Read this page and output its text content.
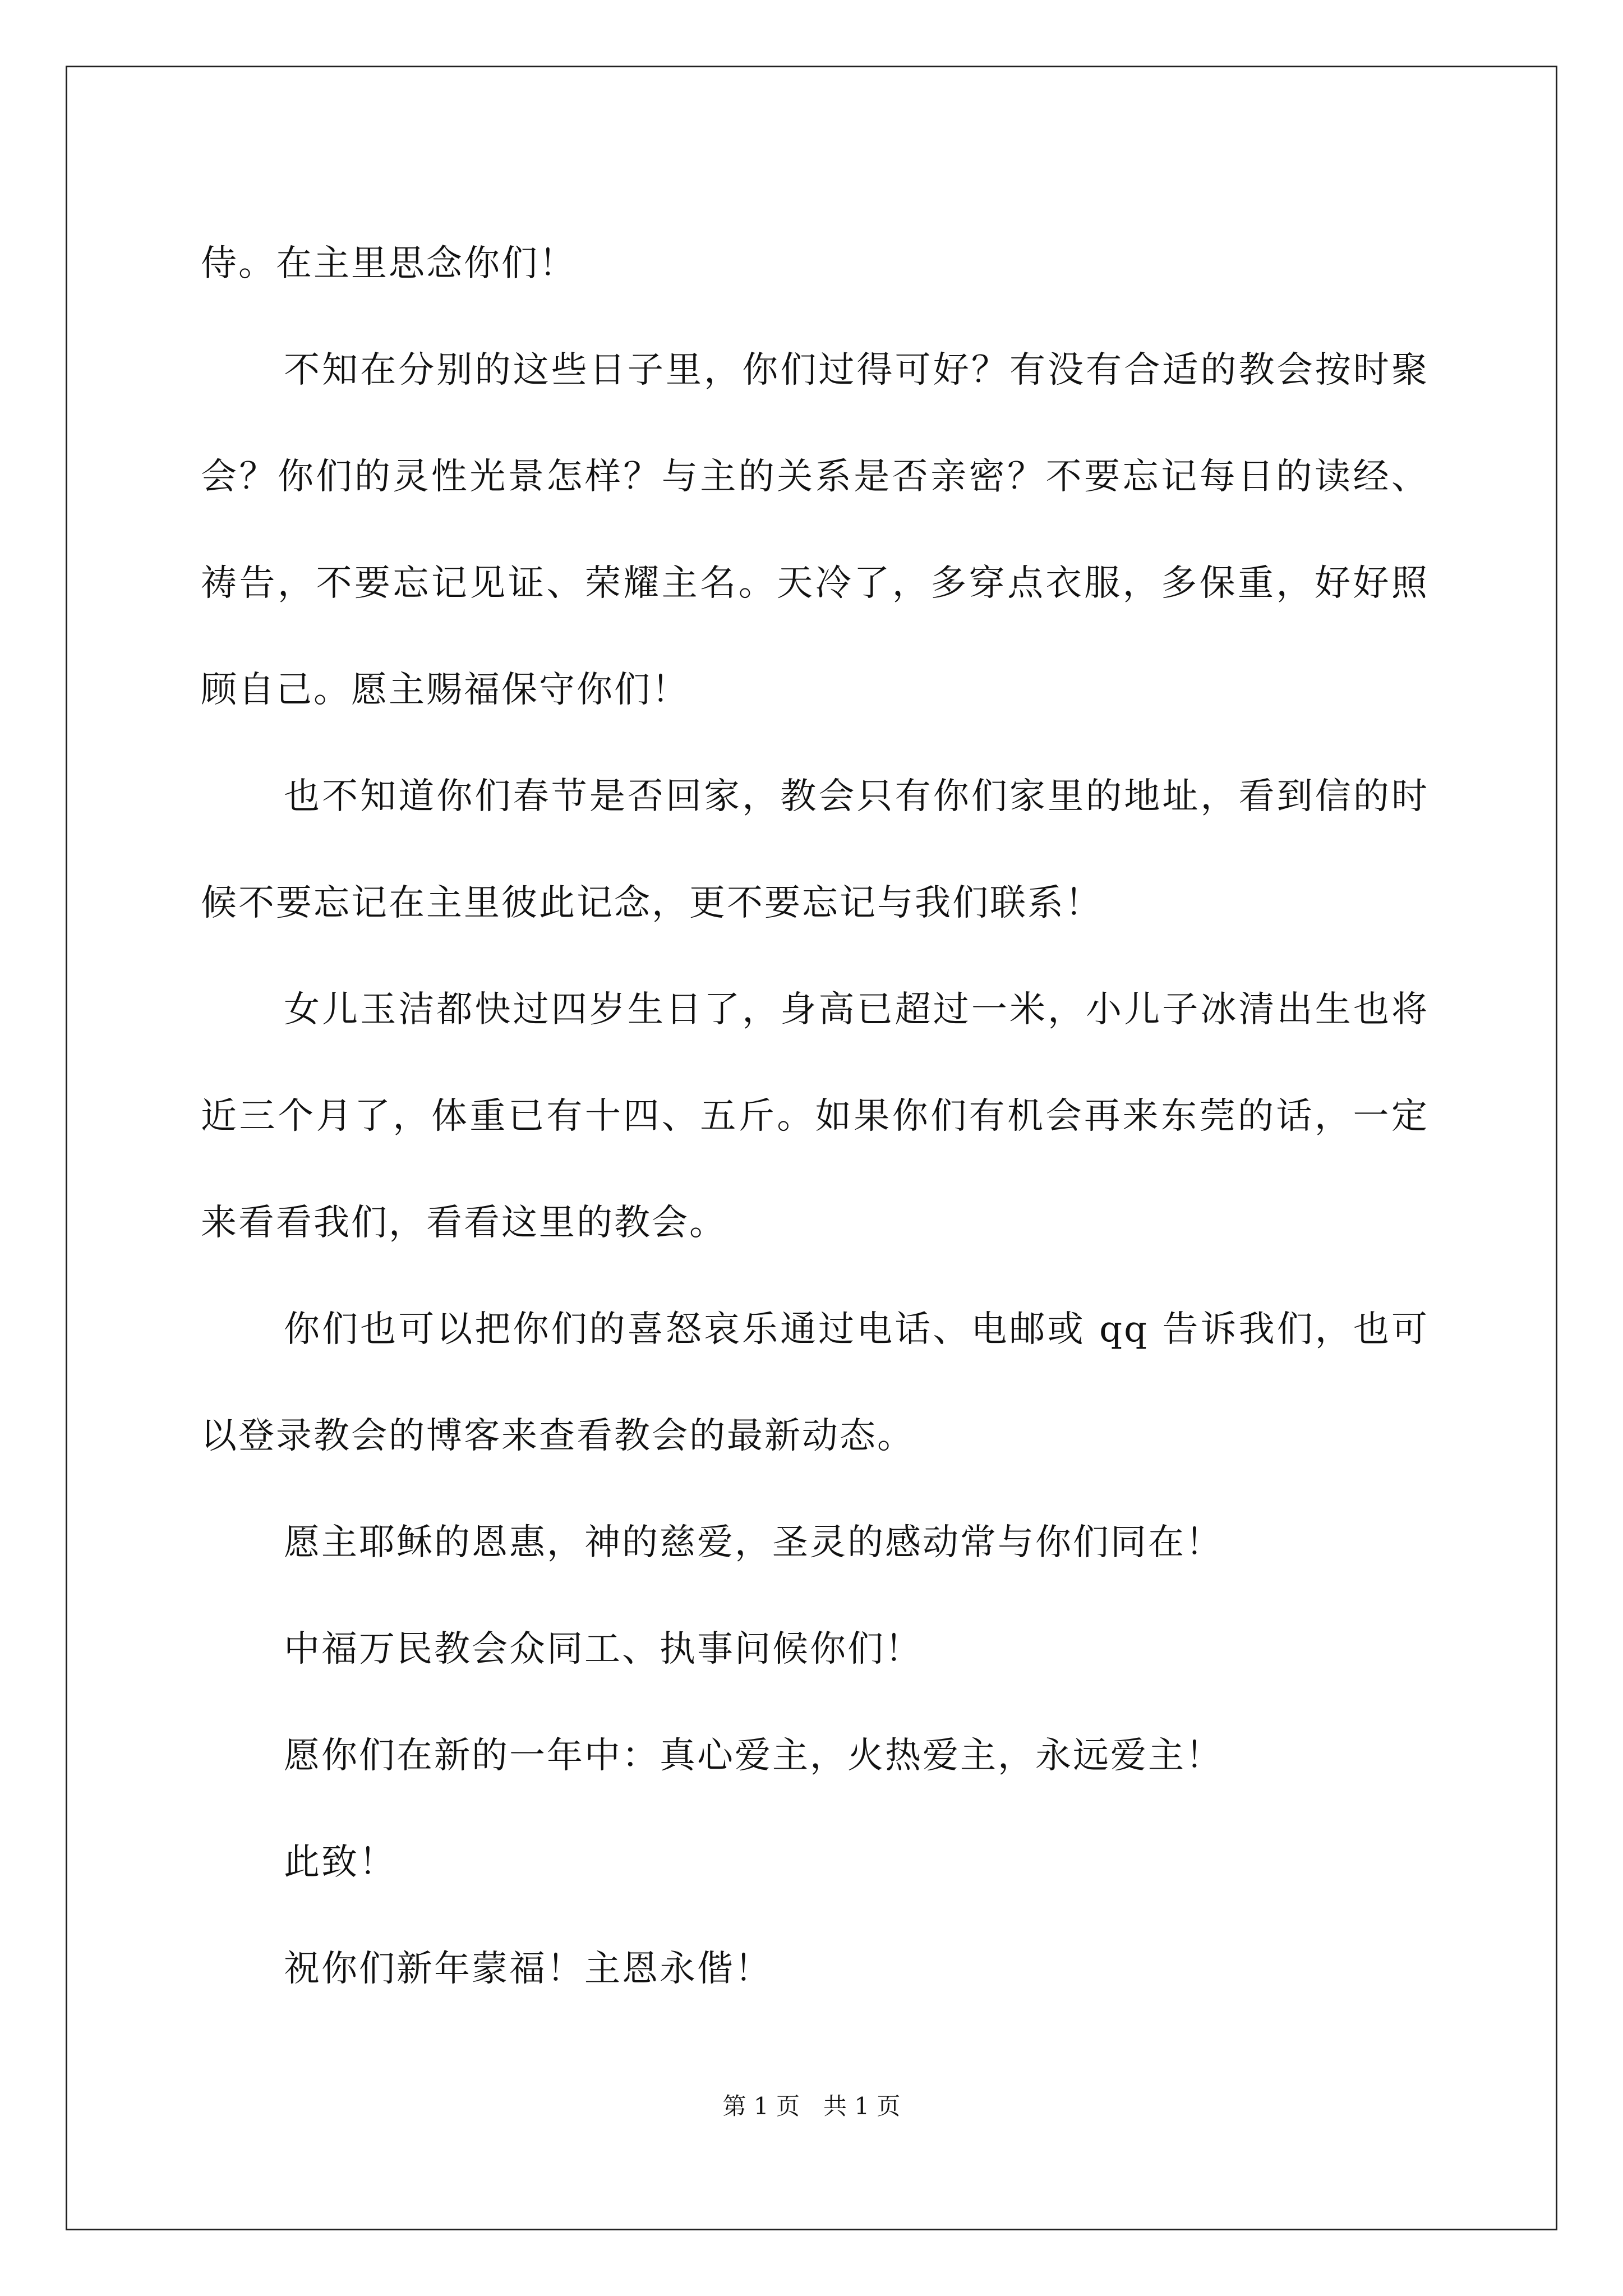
侍。在主里思念你们！

不知在分别的这些日子里，你们过得可好？有没有合适的教会按时聚会？你们的灵性光景怎样？与主的关系是否亲密？不要忘记每日的读经、祷告，不要忘记见证、荣耀主名。天冷了，多穿点衣服，多保重，好好照顾自己。愿主赐福保守你们！

也不知道你们春节是否回家，教会只有你们家里的地址，看到信的时候不要忘记在主里彼此记念，更不要忘记与我们联系！

女儿玉洁都快过四岁生日了，身高已超过一米，小儿子冰清出生也将近三个月了，体重已有十四、五斤。如果你们有机会再来东莞的话，一定来看看我们，看看这里的教会。

你们也可以把你们的喜怒哀乐通过电话、电邮或 qq 告诉我们，也可以登录教会的博客来查看教会的最新动态。

愿主耶稣的恩惠，神的慈爱，圣灵的感动常与你们同在！

中福万民教会众同工、执事问候你们！

愿你们在新的一年中：真心爱主，火热爱主，永远爱主！

此致！

祝你们新年蒙福！主恩永偕！

第 1 页　共 1 页
